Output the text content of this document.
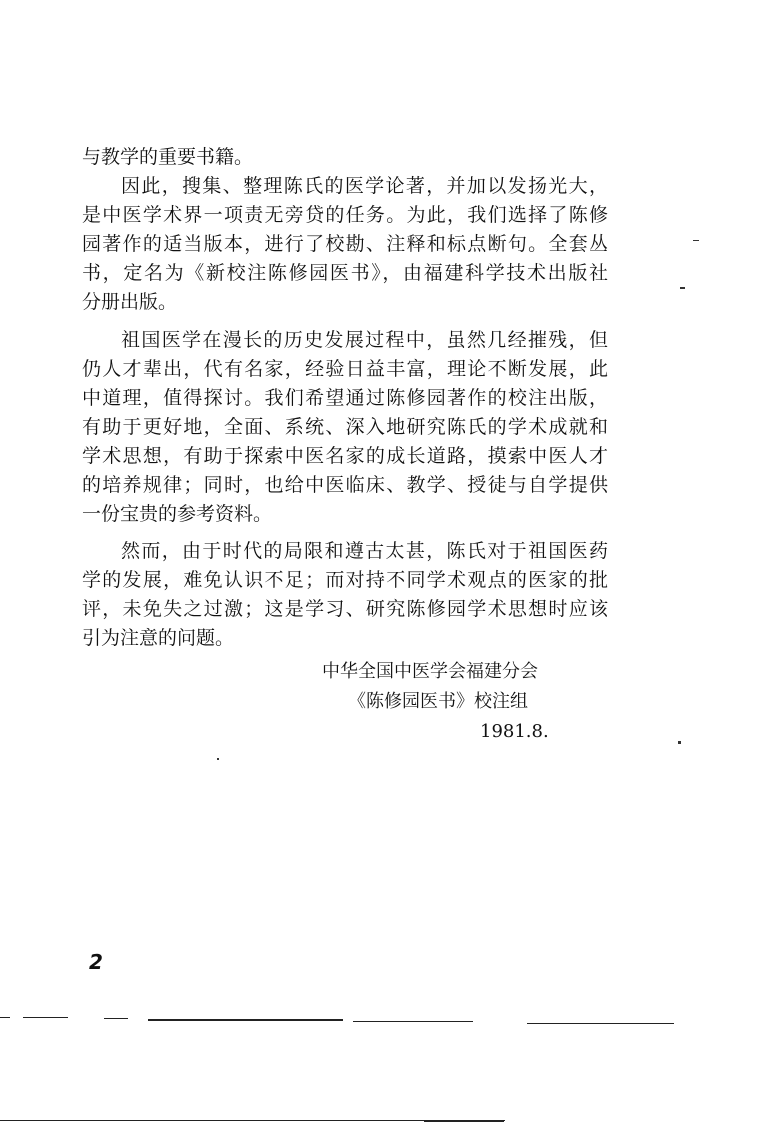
与教学的重要书籍。
因此，搜集、整理陈氏的医学论著，并加以发扬光大，
是中医学术界一项责无旁贷的任务。为此，我们选择了陈修
园著作的适当版本，进行了校勘、注释和标点断句。全套丛
书，定名为《新校注陈修园医书》，由福建科学技术出版社
分册出版。
祖国医学在漫长的历史发展过程中，虽然几经摧残，但
仍人才辈出，代有名家，经验日益丰富，理论不断发展，此
中道理，值得探讨。我们希望通过陈修园著作的校注出版，
有助于更好地，全面、系统、深入地研究陈氏的学术成就和
学术思想，有助于探索中医名家的成长道路，摸索中医人才
的培养规律；同时，也给中医临床、教学、授徒与自学提供
一份宝贵的参考资料。
然而，由于时代的局限和遵古太甚，陈氏对于祖国医药
学的发展，难免认识不足；而对持不同学术观点的医家的批
评，未免失之过激；这是学习、研究陈修园学术思想时应该
引为注意的问题。
中华全国中医学会福建分会
《陈修园医书》校注组
1981.8.
2
